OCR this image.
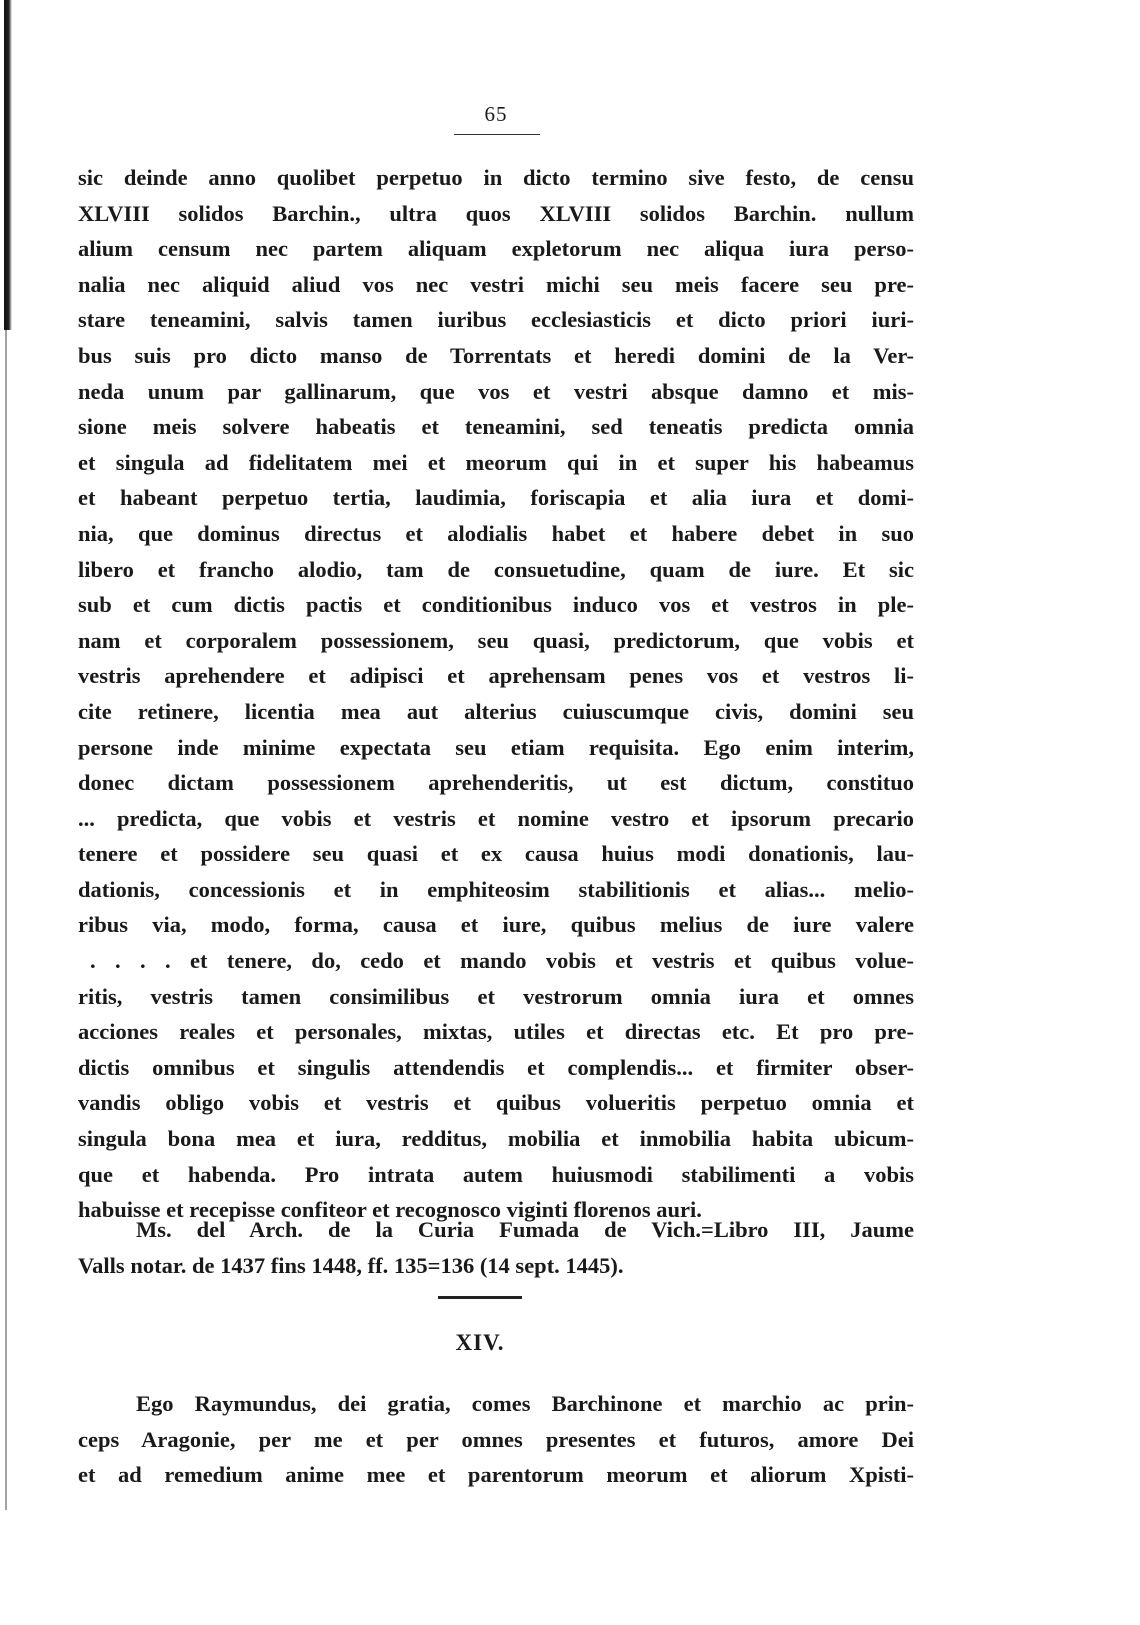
65
sic deinde anno quolibet perpetuo in dicto termino sive festo, de censu
XLVIII solidos Barchin., ultra quos XLVIII solidos Barchin. nullum
alium censum nec partem aliquam expletorum nec aliqua iura perso-
nalia nec aliquid aliud vos nec vestri michi seu meis facere seu pre-
stare teneamini, salvis tamen iuribus ecclesiasticis et dicto priori iuri-
bus suis pro dicto manso de Torrentats et heredi domini de la Ver-
neda unum par gallinarum, que vos et vestri absque damno et mis-
sione meis solvere habeatis et teneamini, sed teneatis predicta omnia
et singula ad fidelitatem mei et meorum qui in et super his habeamus
et habeant perpetuo tertia, laudimia, foriscapia et alia iura et domi-
nia, que dominus directus et alodialis habet et habere debet in suo
libero et francho alodio, tam de consuetudine, quam de iure. Et sic
sub et cum dictis pactis et conditionibus induco vos et vestros in ple-
nam et corporalem possessionem, seu quasi, predictorum, que vobis et
vestris aprehendere et adipisci et aprehensam penes vos et vestros li-
cite retinere, licentia mea aut alterius cuiuscumque civis, domini seu
persone inde minime expectata seu etiam requisita. Ego enim interim,
donec dictam possessionem aprehenderitis, ut est dictum, constituo
... predicta, que vobis et vestris et nomine vestro et ipsorum precario
tenere et possidere seu quasi et ex causa huius modi donationis, lau-
dationis, concessionis et in emphiteosim stabilitionis et alias... melio-
ribus via, modo, forma, causa et iure, quibus melius de iure valere
. . . . et tenere, do, cedo et mando vobis et vestris et quibus volue-
ritis, vestris tamen consimilibus et vestrorum omnia iura et omnes
acciones reales et personales, mixtas, utiles et directas etc. Et pro pre-
dictis omnibus et singulis attendendis et complendis... et firmiter obser-
vandis obligo vobis et vestris et quibus volueritis perpetuo omnia et
singula bona mea et iura, redditus, mobilia et inmobilia habita ubicum-
que et habenda. Pro intrata autem huiusmodi stabilimenti a vobis
habuisse et recepisse confiteor et recognosco viginti florenos auri.
Ms. del Arch. de la Curia Fumada de Vich.=Libro III, Jaume
Valls notar. de 1437 fins 1448, ff. 135=136 (14 sept. 1445).
XIV.
Ego Raymundus, dei gratia, comes Barchinone et marchio ac prin-
ceps Aragonie, per me et per omnes presentes et futuros, amore Dei
et ad remedium anime mee et parentorum meorum et aliorum Xpisti-
